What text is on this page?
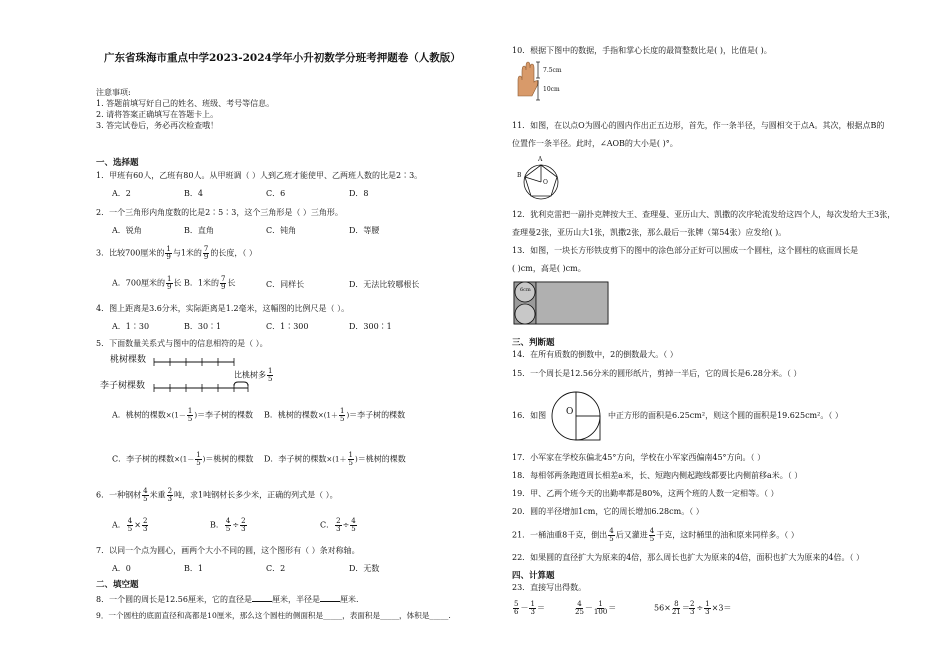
广东省珠海市重点中学2023-2024学年小升初数学分班考押题卷（人教版）
注意事项:
1. 答题前填写好自己的姓名、班级、考号等信息。
2. 请将答案正确填写在答题卡上。
3. 答完试卷后，务必再次检查哦！
一、选择题
1．甲班有60人，乙班有80人。从甲班调（ ）人到乙班才能使甲、乙两班人数的比是2∶3。
A．2	B．4	C．6	D．8
2．一个三角形内角度数的比是2∶5∶3，这个三角形是（ ）三角形。
A．锐角	B．直角	C．钝角	D．等腰
3．比较700厘米的 $\frac{1}{9}$ 与1米的 $\frac{7}{9}$ 的长度，（ ）
A．700厘米的 $\frac{1}{9}$ 长 B．1米的 $\frac{7}{9}$ 长	C．同样长	D．无法比较哪根长
4．图上距离是3.6分米，实际距离是1.2毫米，这幅图的比例尺是（ ）。
A．1∶30	B．30∶1	C．1∶300	D．300∶1
5．下面数量关系式与图中的信息相符的是（ ）。
桃树棵数
李子树棵数
比桃树多 $\frac{1}{5}$
A．桃树的棵数$\times(1- \frac{1}{5}$ )＝李子树的棵数 B．桃树的棵数$\times(1+ \frac{1}{5}$ )＝李子树的棵数
C．李子树的棵数$\times(1- \frac{1}{5}$ )＝桃树的棵数 D．李子树的棵数$\times(1+ \frac{1}{5}$ )＝桃树的棵数
6．一种钢材 $\frac{4}{5}$ 米重 $\frac{2}{3}$ 吨，求1吨钢材长多少米，正确的列式是（ ）。
A． $\frac{4}{5} \times \frac{2}{3}$	B． $\frac{4}{5} \div \frac{2}{3}$	C． $\frac{2}{3} \div \frac{4}{5}$
7．以同一个点为圆心，画两个大小不同的圆，这个图形有（ ）条对称轴。
A．0	B．1	C．2	D．无数
二、填空题
8．一个圆的周长是12.56厘米，它的直径是	厘米，半径是	厘米.
9．一个圆柱的底面直径和高都是10厘米，那么这个圆柱的侧面积是_____，表面积是_____，体积是_____.
10．根据下图中的数据，手指和掌心长度的最简整数比是( )，比值是( )。
7.5cm
10cm
11．如图，在以点O为圆心的圆内作出正五边形，首先，作一条半径，与圆相交于点A。其次，根据点B的
位置作一条半径。此时，∠AOB的大小是( )°。
A
B
O
12．犹利克雷把一副扑克牌按大王、查理曼、亚历山大、凯撒的次序轮流发给这四个人，每次发给大王3张，
查理曼2张，亚历山大1张，凯撒2张，那么最后一张牌（第54张）应发给( )。
13．如图，一块长方形铁皮剪下的图中的涂色部分正好可以围成一个圆柱，这个圆柱的底面周长是
( )cm，高是( )cm。
6cm
三、判断题
14．在所有质数的倒数中，2的倒数最大。（ ）
15．一个周长是12.56分米的圆形纸片，剪掉一半后，它的周长是6.28分米。（ ）
16．如图 O	中正方形的面积是6.25cm²，则这个圆的面积是19.625cm²。（ ）
17．小军家在学校东偏北45°方向，学校在小军家西偏南45°方向。（ ）
18．每相邻两条跑道周长相差a米，长、短跑内侧起跑线都要比内侧前移a米。（ ）
19．甲、乙两个班今天的出勤率都是80%，这两个班的人数一定相等。（ ）
20．圆的半径增加1cm，它的周长增加6.28cm。（ ）
21．一桶油重8千克，倒出 $\frac{4}{5}$ 后又灌进 $\frac{4}{5}$ 千克，这时桶里的油和原来同样多。（ ）
22．如果圆的直径扩大为原来的4倍，那么周长也扩大为原来的4倍，面积也扩大为原来的4倍。（ ）
四、计算题
23．直接写出得数。
$\frac{5}{6} - \frac{1}{3}$ ＝	$\frac{4}{25} - \frac{1}{100}$ ＝	$56\times \frac{8}{21} = \frac{2}{3} \div \frac{1}{3} \times 3=$
